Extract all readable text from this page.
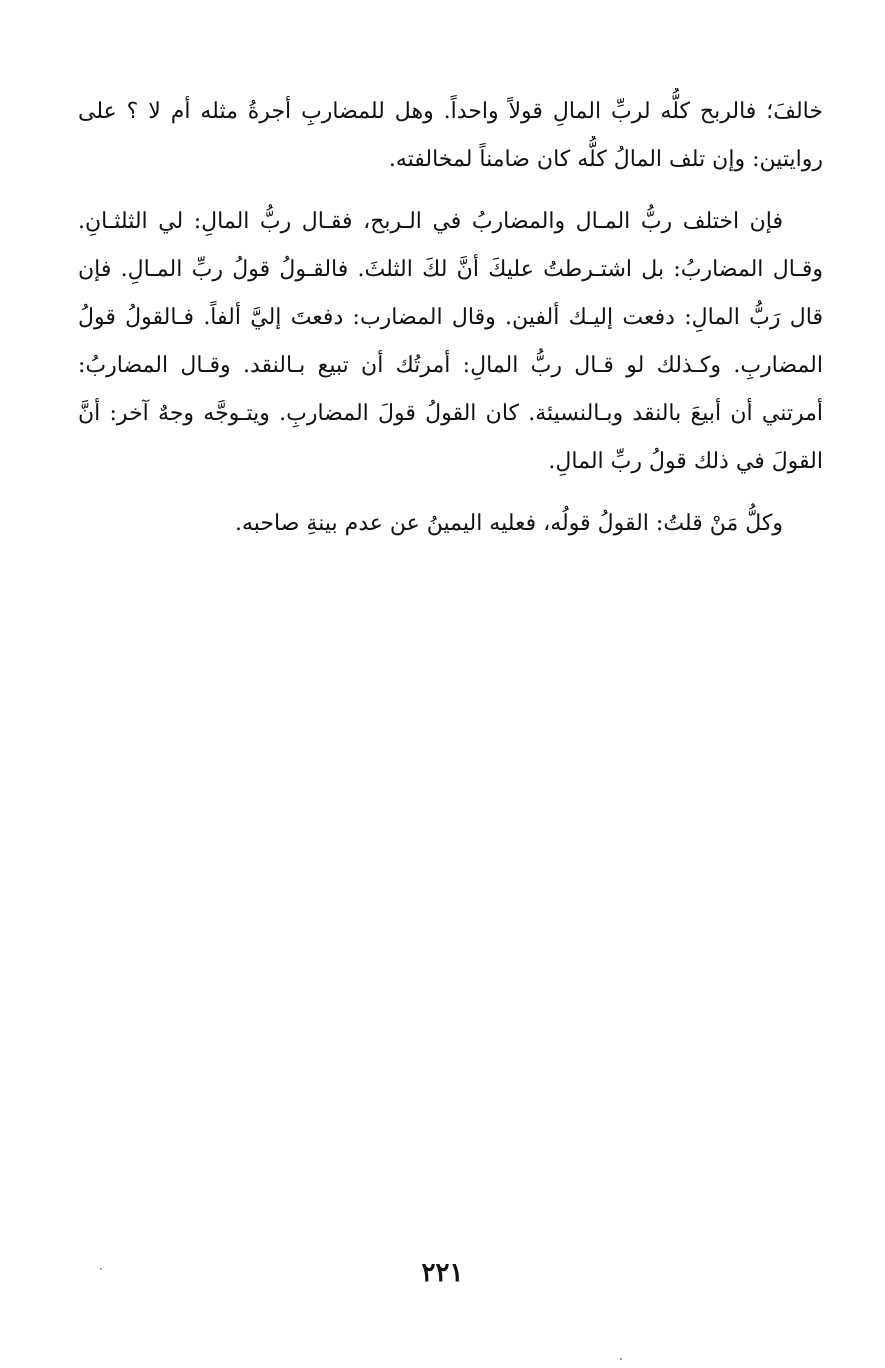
خالفَ؛ فالربح كلُّه لربِّ المالِ قولاً واحداً. وهل للمضاربِ أجرةُ مثله أم لا ؟ على
روايتين: وإن تلف المالُ كلُّه كان ضامناً لمخالفته.
فإن اختلف ربُّ المـال والمضاربُ في الـربح، فقـال ربُّ المالِ: لي الثلثـانِ.
وقـال المضاربُ: بل اشتـرطتُ عليكَ أنَّ لكَ الثلثَ. فالقـولُ قولُ ربِّ المـالِ. فإن
قال رَبُّ المالِ: دفعت إليـك ألفين. وقال المضارب: دفعتَ إليَّ ألفاً. فـالقولُ قولُ
المضاربِ. وكـذلك لو قـال ربُّ المالِ: أمرتُك أن تبيع بـالنقد. وقـال المضاربُ:
أمرتني أن أبيعَ بالنقد وبـالنسيئة. كان القولُ قولَ المضاربِ. ويتـوجَّه وجهٌ آخر: أنَّ
القولَ في ذلك قولُ ربِّ المالِ.
وكلُّ مَنْ قلتُ: القولُ قولُه، فعليه اليمينُ عن عدم بينةِ صاحبه.
٢٢١
